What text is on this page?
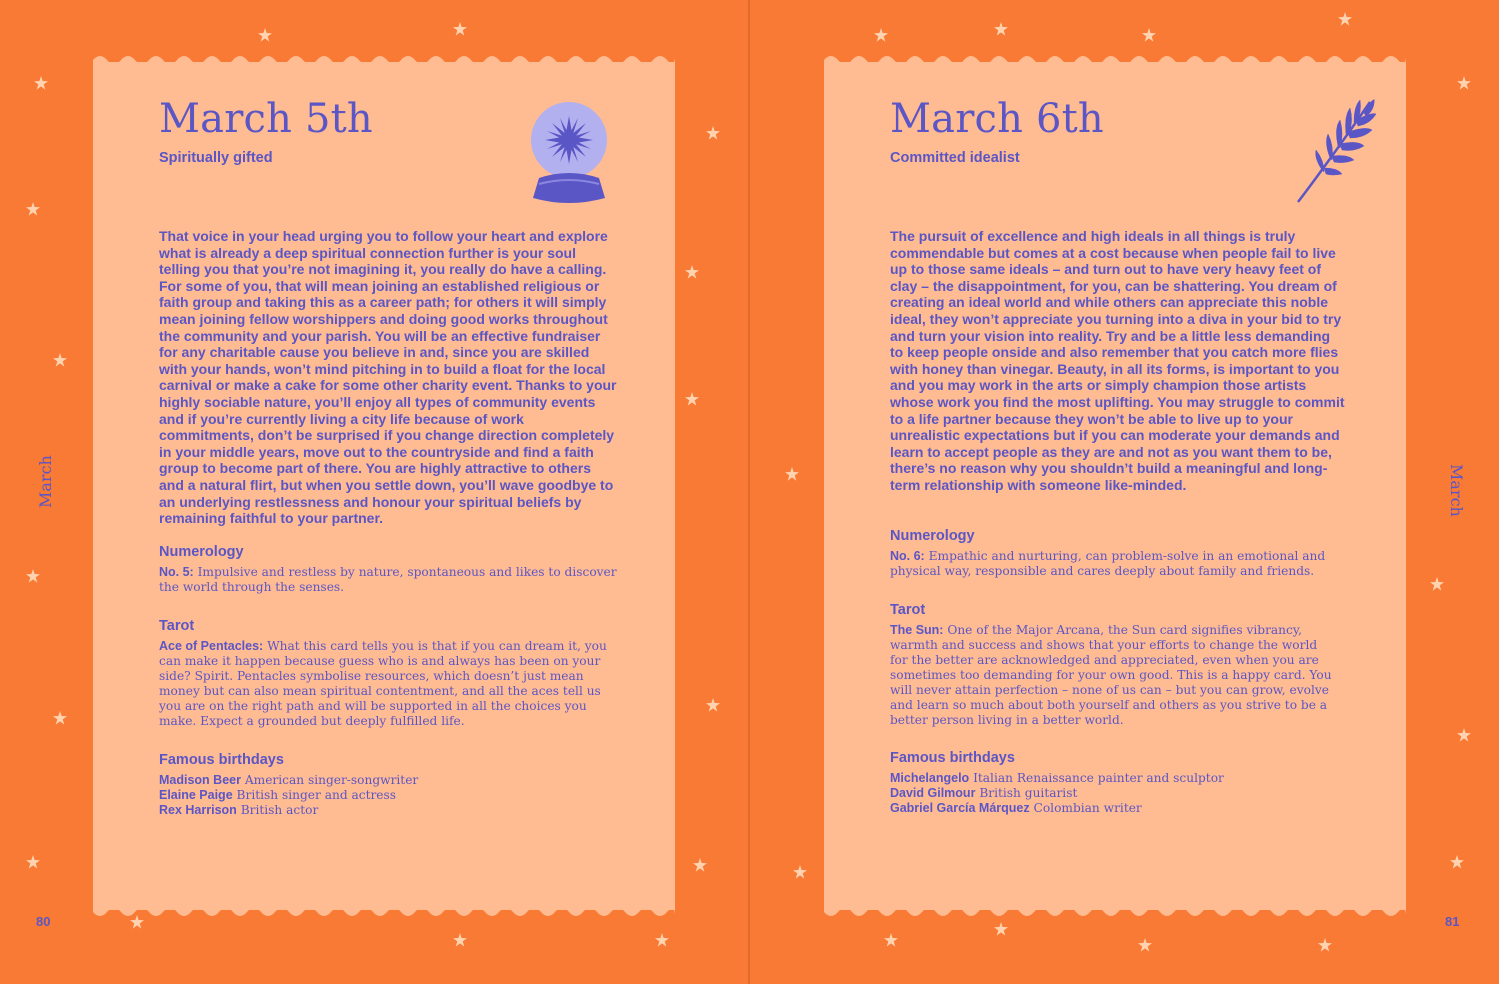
March 5th
Spiritually gifted
That voice in your head urging you to follow your heart and explore what is already a deep spiritual connection further is your soul telling you that you’re not imagining it, you really do have a calling. For some of you, that will mean joining an established religious or faith group and taking this as a career path; for others it will simply mean joining fellow worshippers and doing good works throughout the community and your parish. You will be an effective fundraiser for any charitable cause you believe in and, since you are skilled with your hands, won’t mind pitching in to build a float for the local carnival or make a cake for some other charity event. Thanks to your highly sociable nature, you’ll enjoy all types of community events and if you’re currently living a city life because of work commitments, don’t be surprised if you change direction completely in your middle years, move out to the countryside and find a faith group to become part of there. You are highly attractive to others and a natural flirt, but when you settle down, you’ll wave goodbye to an underlying restlessness and honour your spiritual beliefs by remaining faithful to your partner.
Numerology
No. 5: Impulsive and restless by nature, spontaneous and likes to discover the world through the senses.
Tarot
Ace of Pentacles: What this card tells you is that if you can dream it, you can make it happen because guess who is and always has been on your side? Spirit. Pentacles symbolise resources, which doesn’t just mean money but can also mean spiritual contentment, and all the aces tell us you are on the right path and will be supported in all the choices you make. Expect a grounded but deeply fulfilled life.
Famous birthdays
Madison Beer American singer-songwriter
Elaine Paige British singer and actress
Rex Harrison British actor
March
80
March 6th
Committed idealist
The pursuit of excellence and high ideals in all things is truly commendable but comes at a cost because when people fail to live up to those same ideals – and turn out to have very heavy feet of clay – the disappointment, for you, can be shattering. You dream of creating an ideal world and while others can appreciate this noble ideal, they won’t appreciate you turning into a diva in your bid to try and turn your vision into reality. Try and be a little less demanding to keep people onside and also remember that you catch more flies with honey than vinegar. Beauty, in all its forms, is important to you and you may work in the arts or simply champion those artists whose work you find the most uplifting. You may struggle to commit to a life partner because they won’t be able to live up to your unrealistic expectations but if you can moderate your demands and learn to accept people as they are and not as you want them to be, there’s no reason why you shouldn’t build a meaningful and long-term relationship with someone like-minded.
Numerology
No. 6: Empathic and nurturing, can problem-solve in an emotional and physical way, responsible and cares deeply about family and friends.
Tarot
The Sun: One of the Major Arcana, the Sun card signifies vibrancy, warmth and success and shows that your efforts to change the world for the better are acknowledged and appreciated, even when you are sometimes too demanding for your own good. This is a happy card. You will never attain perfection – none of us can – but you can grow, evolve and learn so much about both yourself and others as you strive to be a better person living in a better world.
Famous birthdays
Michelangelo Italian Renaissance painter and sculptor
David Gilmour British guitarist
Gabriel García Márquez Colombian writer
March
81
